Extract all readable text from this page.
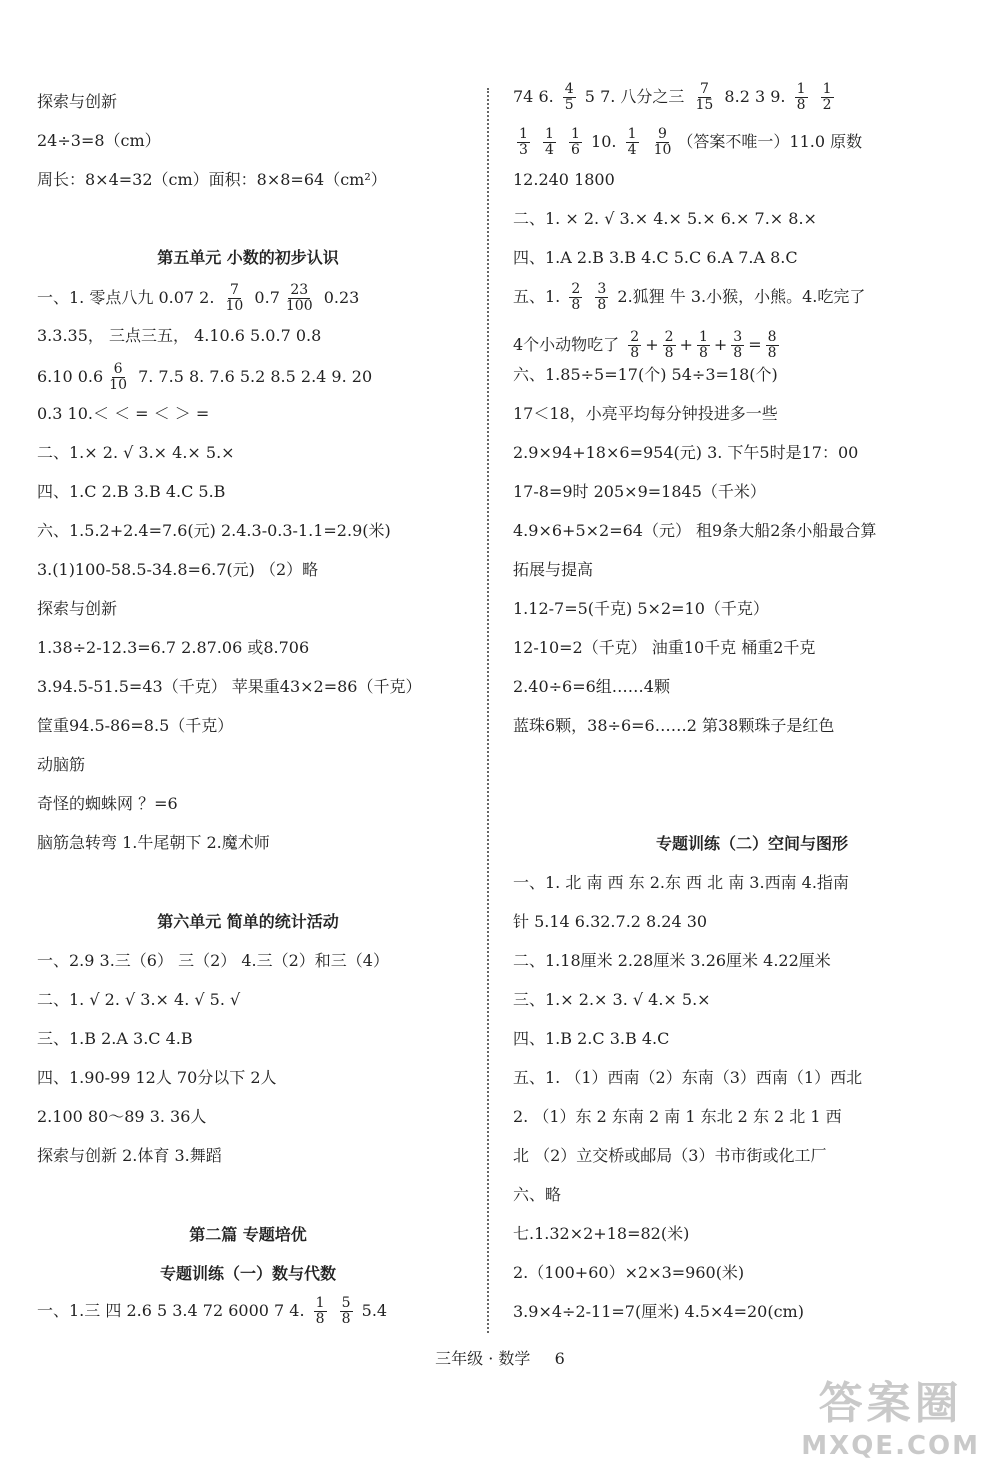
探索与创新
24÷3=8（cm）
周长：8×4=32（cm）面积：8×8=64（cm²）
第五单元 小数的初步认识
一、1. 零点八九 0.07 2. $\frac{7}{10} 0.7 \frac{23}{100} 0.23$
3.3.35， 三点三五， 4.10.6 5.0.7 0.8
6.10 $0.6 \frac{6}{10} 7$. 7.5 8. 7.6 5.2 8.5 2.4 9. 20
0.3 10.＜ ＜ = ＜ ＞ =
二、1.× 2. √ 3.× 4.× 5.×
四、1.C 2.B 3.B 4.C 5.B
六、1.5.2+2.4=7.6(元) 2.4.3-0.3-1.1=2.9(米)
3.(1)100-58.5-34.8=6.7(元) （2）略
探索与创新
1.38÷2-12.3=6.7 2.87.06 或8.706
3.94.5-51.5=43（千克） 苹果重43×2=86（千克）
筐重94.5-86=8.5（千克）
动脑筋
奇怪的蜘蛛网 ？=6
脑筋急转弯 1.牛尾朝下 2.魔术师
第六单元 简单的统计活动
一、2.9 3.三（6） 三（2） 4.三（2）和三（4）
二、1. √ 2. √ 3.× 4. √ 5. √
三、1.B 2.A 3.C 4.B
四、1.90-99 12人 70分以下 2人
2.100 80～89 3. 36人
探索与创新 2.体育 3.舞蹈
第二篇 专题培优
专题训练（一）数与代数
一、1.三 四 2.6 5 3.4 72 6000 7 4. $\frac{1}{8}$
$\frac{5}{8} 5.4$
74 6. $\frac{4}{5} 5$ 7. 八分之三 $\frac{7}{15} 8.2$ 3 9. $\frac{1}{8}$
$\frac{1}{2}$
$\frac{1}{3}$
$\frac{1}{4}$
$\frac{1}{6} 10$. $\frac{1}{4}$
$\frac{9}{10}$ （答案不唯一）11.0 原数
12.240 1800
二、1. × 2. √ 3.× 4.× 5.× 6.× 7.× 8.×
四、1.A 2.B 3.B 4.C 5.C 6.A 7.A 8.C
五、1. $\frac{2}{8}$
$\frac{3}{8} 2$.狐狸 牛 3.小猴，小熊。4.吃完了
4个小动物吃了 $\frac{2}{8} + \frac{2}{8} + \frac{1}{8} + \frac{3}{8} = \frac{8}{8}$
六、1.85÷5=17(个) 54÷3=18(个)
17＜18，小亮平均每分钟投进多一些
2.9×94+18×6=954(元) 3. 下午5时是17：00
17-8=9时 205×9=1845（千米）
4.9×6+5×2=64（元） 租9条大船2条小船最合算
拓展与提高
1.12-7=5(千克) 5×2=10（千克）
12-10=2（千克） 油重10千克 桶重2千克
2.40÷6=6组……4颗
蓝珠6颗，38÷6=6……2 第38颗珠子是红色
专题训练（二）空间与图形
一、1. 北 南 西 东 2.东 西 北 南 3.西南 4.指南
针 5.14 6.32.7.2 8.24 30
二、1.18厘米 2.28厘米 3.26厘米 4.22厘米
三、1.× 2.× 3. √ 4.× 5.×
四、1.B 2.C 3.B 4.C
五、1. （1）西南（2）东南（3）西南（1）西北
2. （1）东 2 东南 2 南 1 东北 2 东 2 北 1 西
北 （2）立交桥或邮局（3）书市街或化工厂
六、略
七.1.32×2+18=82(米)
2.（100+60）×2×3=960(米)
3.9×4÷2-11=7(厘米) 4.5×4=20(cm)
三年级 · 数学 6
答案圈
MXQE.COM
